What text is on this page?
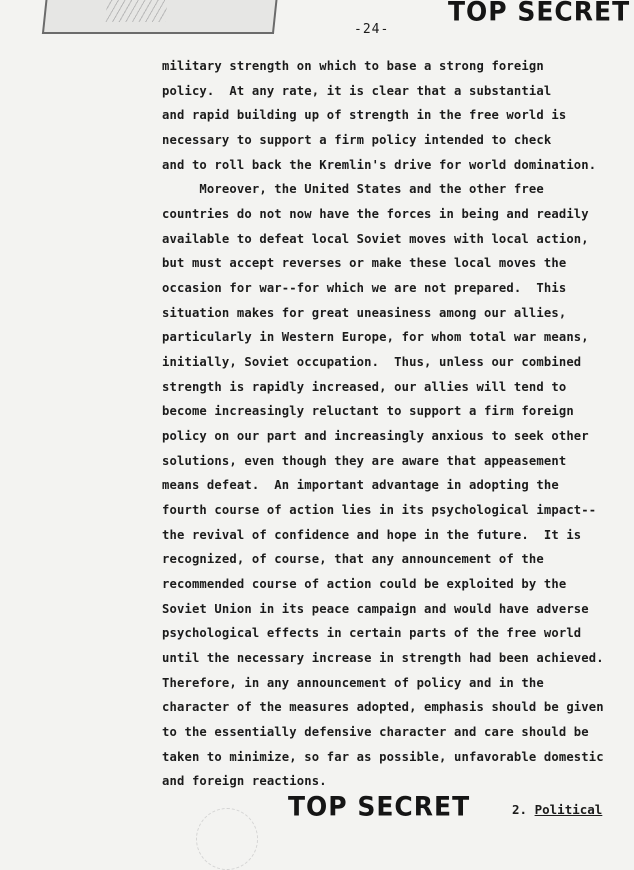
-24-
TOP SECRET
military strength on which to base a strong foreign
policy.  At any rate, it is clear that a substantial
and rapid building up of strength in the free world is
necessary to support a firm policy intended to check
and to roll back the Kremlin's drive for world domination.
Moreover, the United States and the other free
countries do not now have the forces in being and readily
available to defeat local Soviet moves with local action,
but must accept reverses or make these local moves the
occasion for war--for which we are not prepared.  This
situation makes for great uneasiness among our allies,
particularly in Western Europe, for whom total war means,
initially, Soviet occupation.  Thus, unless our combined
strength is rapidly increased, our allies will tend to
become increasingly reluctant to support a firm foreign
policy on our part and increasingly anxious to seek other
solutions, even though they are aware that appeasement
means defeat.  An important advantage in adopting the
fourth course of action lies in its psychological impact--
the revival of confidence and hope in the future.  It is
recognized, of course, that any announcement of the
recommended course of action could be exploited by the
Soviet Union in its peace campaign and would have adverse
psychological effects in certain parts of the free world
until the necessary increase in strength had been achieved.
Therefore, in any announcement of policy and in the
character of the measures adopted, emphasis should be given
to the essentially defensive character and care should be
taken to minimize, so far as possible, unfavorable domestic
and foreign reactions.
TOP SECRET	2. Political
